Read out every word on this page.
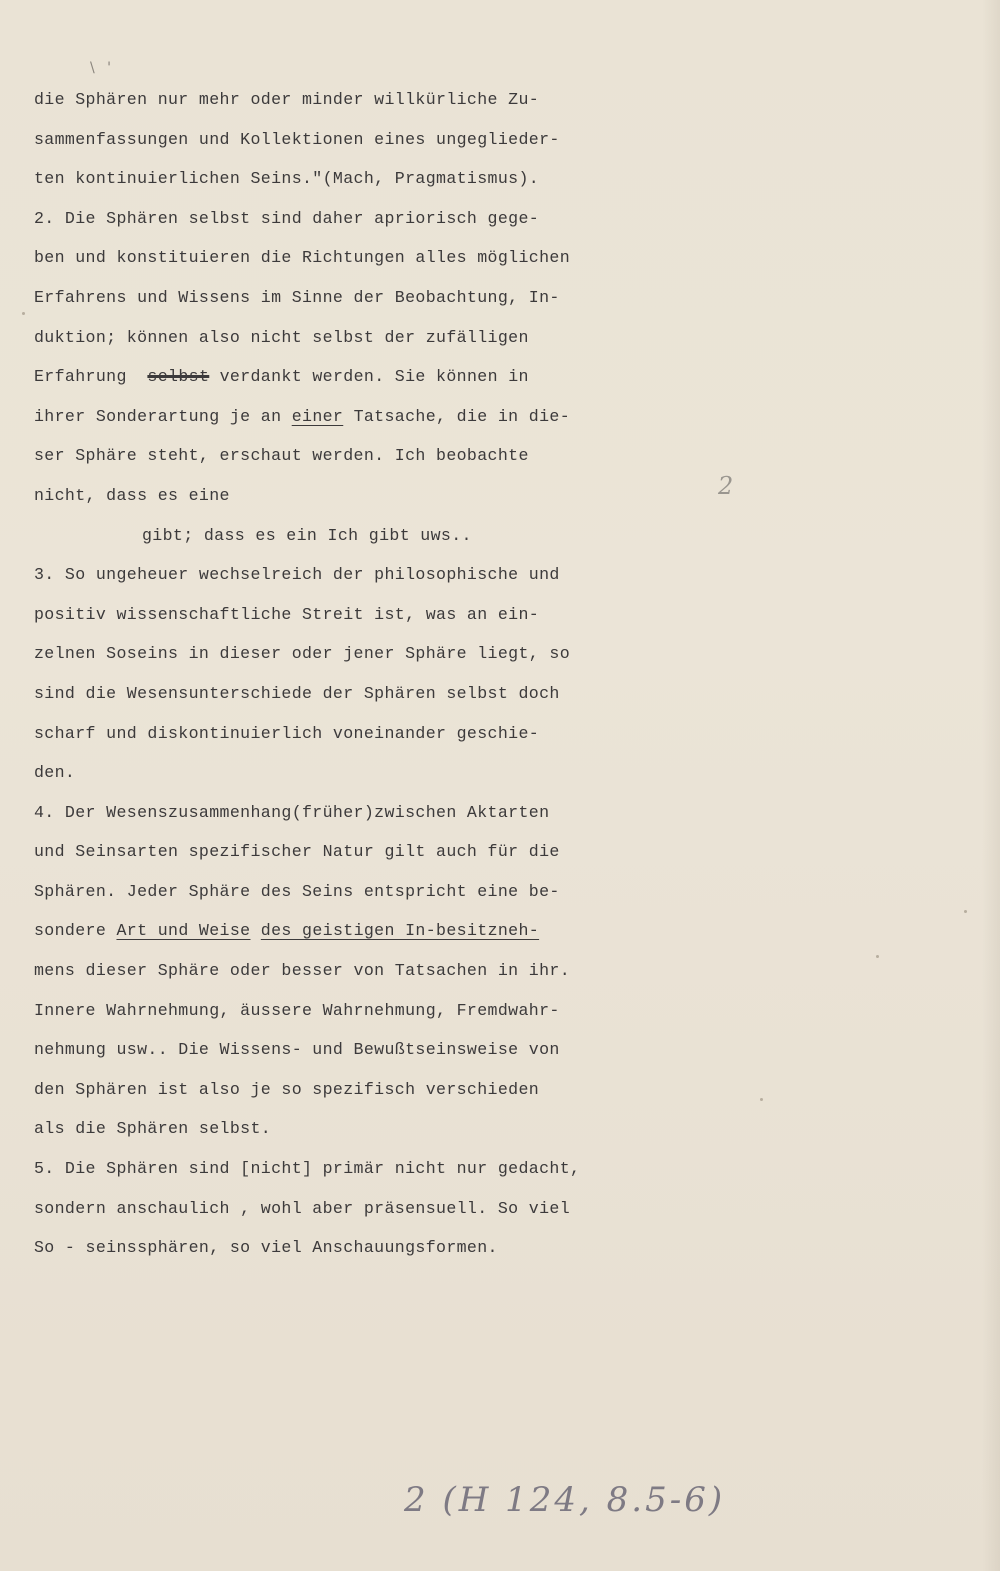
\ '
die Sphären nur mehr oder minder willkürliche Zu-
sammenfassungen und Kollektionen eines ungeglieder-
ten kontinuierlichen Seins."(Mach, Pragmatismus).
2. Die Sphären selbst sind daher apriorisch gege-
ben und konstituieren die Richtungen alles möglichen
Erfahrens und Wissens im Sinne der Beobachtung, In-
duktion; können also nicht selbst der zufälligen
Erfahrung selbst verdankt werden. Sie können in
ihrer Sonderartung je an einer Tatsache, die in die-
ser Sphäre steht, erschaut werden. Ich beobachte
nicht, dass es eine
gibt; dass es ein Ich gibt uws..
3. So ungeheuer wechselreich der philosophische und
positiv wissenschaftliche Streit ist, was an ein-
zelnen Soseins in dieser oder jener Sphäre liegt, so
sind die Wesensunterschiede der Sphären selbst doch
scharf und diskontinuierlich voneinander geschie-
den.
4. Der Wesenszusammenhang(früher)zwischen Aktarten
und Seinsarten spezifischer Natur gilt auch für die
Sphären. Jeder Sphäre des Seins entspricht eine be-
sondere Art und Weise des geistigen In-besitzneh-
mens dieser Sphäre oder besser von Tatsachen in ihr.
Innere Wahrnehmung, äussere Wahrnehmung, Fremdwahr-
nehmung usw.. Die Wissens- und Bewußtseinsweise von
den Sphären ist also je so spezifisch verschieden
als die Sphären selbst.
5. Die Sphären sind [nicht] primär nicht nur gedacht,
sondern anschaulich , wohl aber präsensuell. So viel
So - seinssphären, so viel Anschauungsformen.
2
2 (H 124, 8.5-6)
